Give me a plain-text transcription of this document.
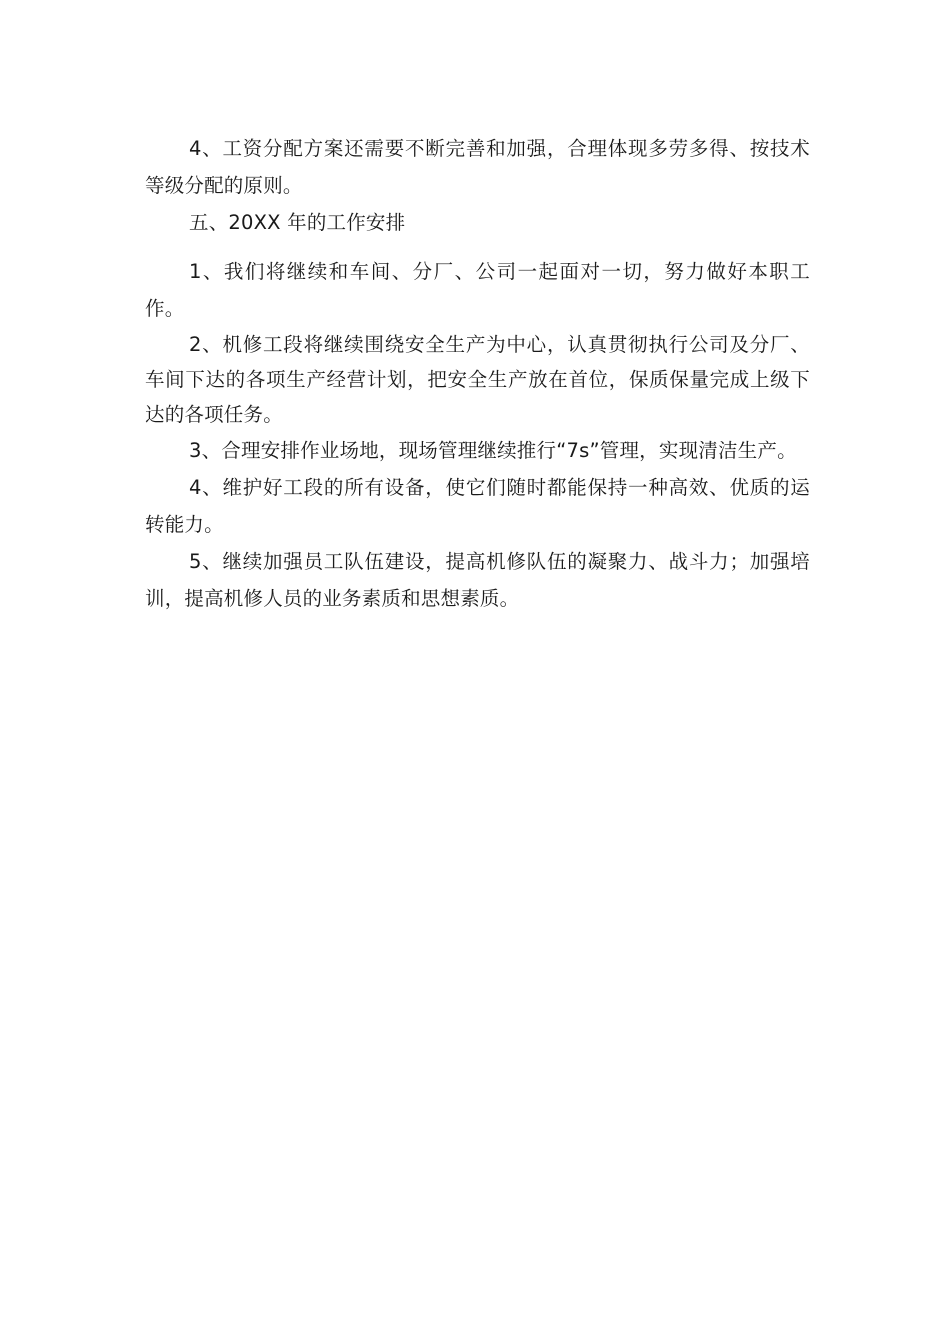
4、工资分配方案还需要不断完善和加强，合理体现多劳多得、按技术等级分配的原则。

五、20XX 年的工作安排

1、我们将继续和车间、分厂、公司一起面对一切，努力做好本职工作。

2、机修工段将继续围绕安全生产为中心，认真贯彻执行公司及分厂、车间下达的各项生产经营计划，把安全生产放在首位，保质保量完成上级下达的各项任务。

3、合理安排作业场地，现场管理继续推行“7s”管理，实现清洁生产。

4、维护好工段的所有设备，使它们随时都能保持一种高效、优质的运转能力。

5、继续加强员工队伍建设，提高机修队伍的凝聚力、战斗力；加强培训，提高机修人员的业务素质和思想素质。
